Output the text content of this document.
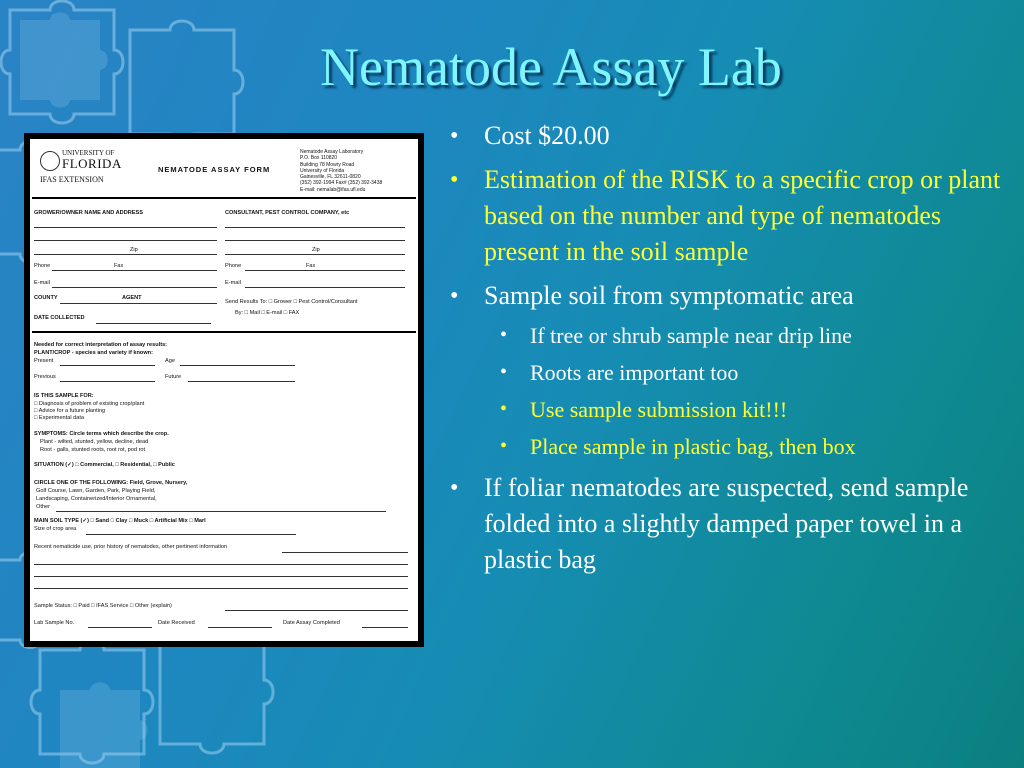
Nematode Assay Lab
UNIVERSITY OF
FLORIDA
IFAS EXTENSION
NEMATODE ASSAY FORM
Nematode Assay Laboratory
P.O. Box 110820
Building 78 Mowry Road
University of Florida
Gainesville, FL 32611-0820
(352) 392-1994 Fax# (352) 392-3438
E-mail: nemalab@ifas.ufl.edu
GROWER/OWNER NAME AND ADDRESS	CONSULTANT, PEST CONTROL COMPANY, etc
Zip	Zip
Phone	Fax	Phone	Fax
E-mail	E-mail
COUNTY	AGENT
Send Results To: □ Grower □ Pest Control/Consultant
By: □ Mail □ E-mail □ FAX
DATE COLLECTED
Needed for correct interpretation of assay results:
PLANT/CROP - species and variety if known:
Present	Age
Previous	Future
IS THIS SAMPLE FOR:
□ Diagnosis of problem of existing crop/plant
□ Advice for a future planting
□ Experimental data
SYMPTOMS: Circle terms which describe the crop.
Plant - wilted, stunted, yellow, decline, dead
Root - galls, stunted roots, root rot, pod rot
SITUATION (✓) □ Commercial, □ Residential, □ Public
CIRCLE ONE OF THE FOLLOWING: Field, Grove, Nursery,
Golf Course, Lawn, Garden, Park, Playing Field,
Landscaping, Containerized/Interior Ornamental,
Other
MAIN SOIL TYPE (✓) □ Sand □ Clay □ Muck □ Artificial Mix □ Marl
Size of crop area
Recent nematicide use, prior history of nematodes, other pertinent information
Sample Status: □ Paid □ IFAS Service □ Other (explain)
Lab Sample No.	Date Received	Date Assay Completed

• Cost $20.00

• Estimation of the RISK to a specific crop or plant based on the number and type of nematodes present in the soil sample

• Sample soil from symptomatic area

• If tree or shrub sample near drip line

• Roots are important too

• Use sample submission kit!!!

• Place sample in plastic bag, then box

• If foliar nematodes are suspected, send sample folded into a slightly damped paper towel in a plastic bag
